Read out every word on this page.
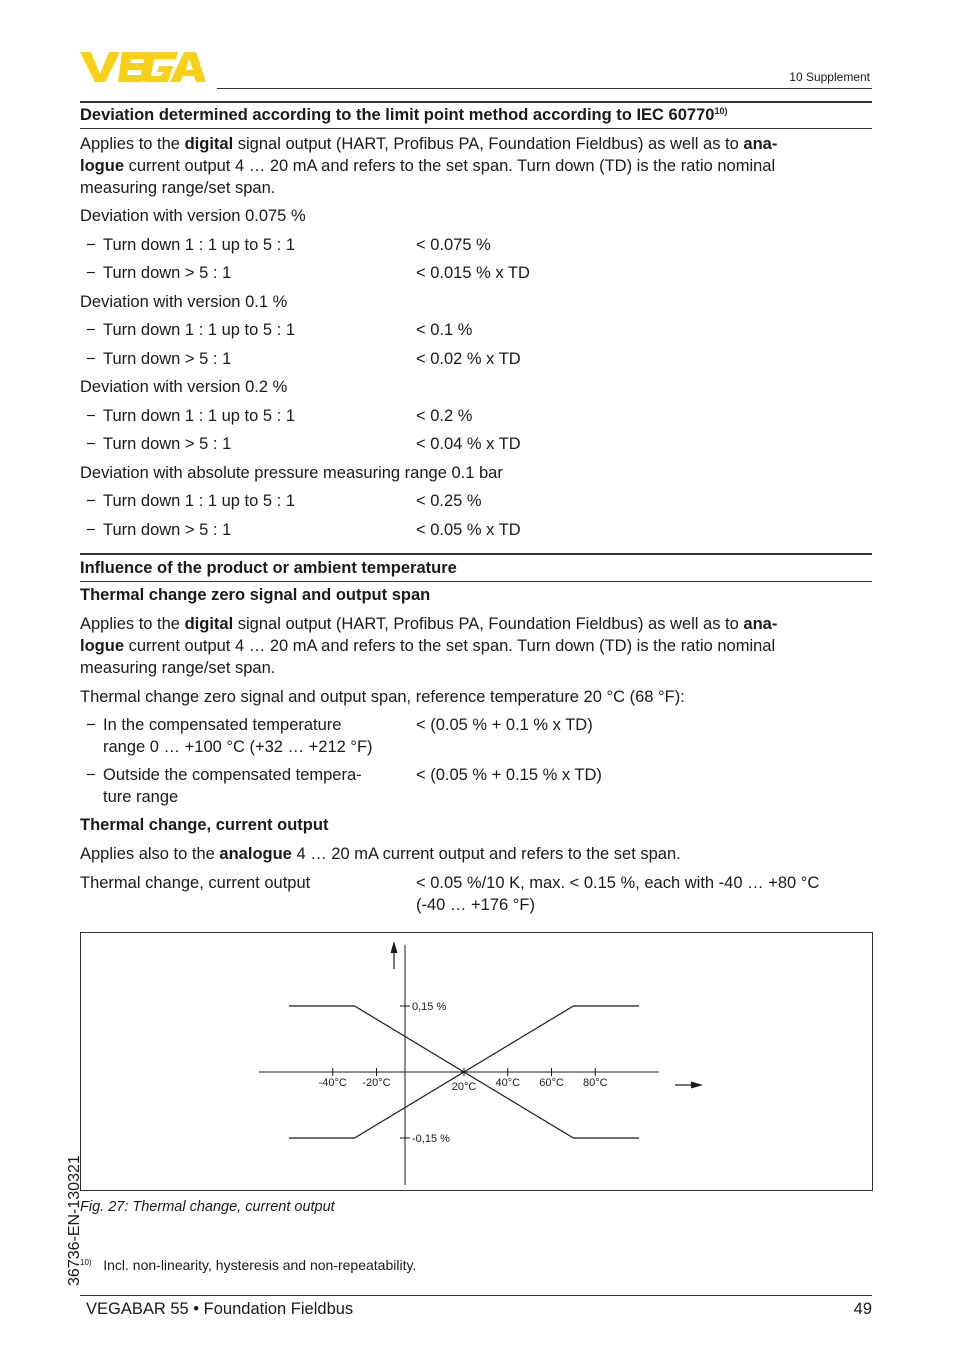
10 Supplement
Deviation determined according to the limit point method according to IEC 60770$^{10)}$
Applies to the digital signal output (HART, Profibus PA, Foundation Fieldbus) as well as to ana-
logue current output 4 … 20 mA and refers to the set span. Turn down (TD) is the ratio nominal
measuring range/set span.
Deviation with version 0.075 %
− Turn down 1 : 1 up to 5 : 1	< 0.075 %
− Turn down > 5 : 1	< 0.015 % x TD
Deviation with version 0.1 %
− Turn down 1 : 1 up to 5 : 1	< 0.1 %
− Turn down > 5 : 1	< 0.02 % x TD
Deviation with version 0.2 %
− Turn down 1 : 1 up to 5 : 1	< 0.2 %
− Turn down > 5 : 1	< 0.04 % x TD
Deviation with absolute pressure measuring range 0.1 bar
− Turn down 1 : 1 up to 5 : 1	< 0.25 %
− Turn down > 5 : 1	< 0.05 % x TD
Influence of the product or ambient temperature
Thermal change zero signal and output span
Applies to the digital signal output (HART, Profibus PA, Foundation Fieldbus) as well as to ana-
logue current output 4 … 20 mA and refers to the set span. Turn down (TD) is the ratio nominal
measuring range/set span.
Thermal change zero signal and output span, reference temperature 20 °C (68 °F):
− In the compensated temperature
range 0 … +100 °C (+32 … +212 °F)
< (0.05 % + 0.1 % x TD)
− Outside the compensated tempera-
ture range
< (0.05 % + 0.15 % x TD)
Thermal change, current output
Applies also to the analogue 4 … 20 mA current output and refers to the set span.
Thermal change, current output	< 0.05 %/10 K, max. < 0.15 %, each with -40 … +80 °C
(-40 … +176 °F)
-40°C -20°C	20°C 40°C 60°C 80°C
0,15 %
-0,15 %
Fig. 27: Thermal change, current output
$^{10)}$ Incl. non-linearity, hysteresis and non-repeatability.
36736-EN-130321
VEGABAR 55 • Foundation Fieldbus	49
